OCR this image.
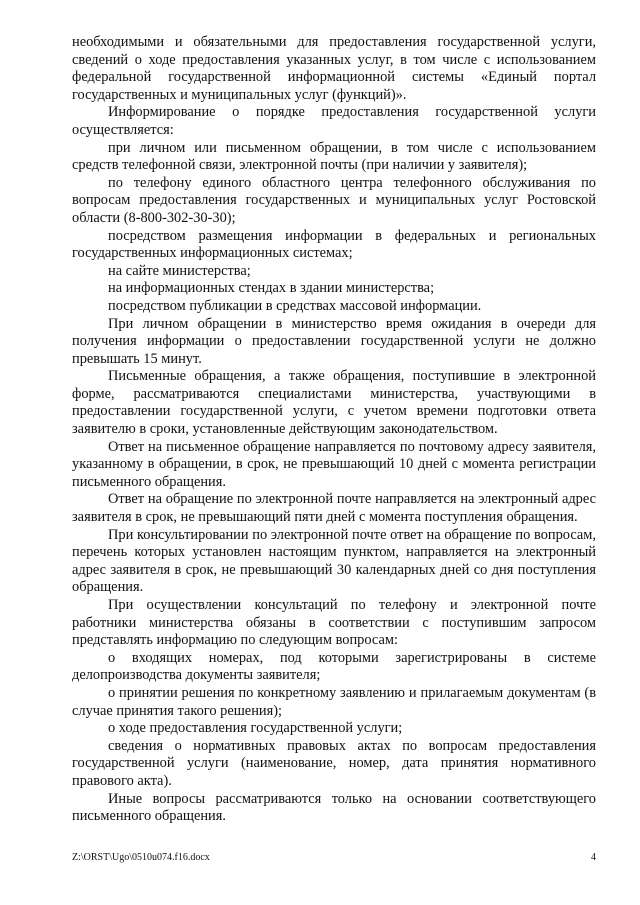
необходимыми и обязательными для предоставления государственной услуги, сведений о ходе предоставления указанных услуг, в том числе с использованием федеральной государственной информационной системы «Единый портал государственных и муниципальных услуг (функций)».

Информирование о порядке предоставления государственной услуги осуществляется:

при личном или письменном обращении, в том числе с использованием средств телефонной связи, электронной почты (при наличии у заявителя);

по телефону единого областного центра телефонного обслуживания по вопросам предоставления государственных и муниципальных услуг Ростовской области (8-800-302-30-30);

посредством размещения информации в федеральных и региональных государственных информационных системах;

на сайте министерства;

на информационных стендах в здании министерства;

посредством публикации в средствах массовой информации.

При личном обращении в министерство время ожидания в очереди для получения информации о предоставлении государственной услуги не должно превышать 15 минут.

Письменные обращения, а также обращения, поступившие в электронной форме, рассматриваются специалистами министерства, участвующими в предоставлении государственной услуги, с учетом времени подготовки ответа заявителю в сроки, установленные действующим законодательством.

Ответ на письменное обращение направляется по почтовому адресу заявителя, указанному в обращении, в срок, не превышающий 10 дней с момента регистрации письменного обращения.

Ответ на обращение по электронной почте направляется на электронный адрес заявителя в срок, не превышающий пяти дней с момента поступления обращения.

При консультировании по электронной почте ответ на обращение по вопросам, перечень которых установлен настоящим пунктом, направляется на электронный адрес заявителя в срок, не превышающий 30 календарных дней со дня поступления обращения.

При осуществлении консультаций по телефону и электронной почте работники министерства обязаны в соответствии с поступившим запросом представлять информацию по следующим вопросам:

о входящих номерах, под которыми зарегистрированы в системе делопроизводства документы заявителя;

о принятии решения по конкретному заявлению и прилагаемым документам (в случае принятия такого решения);

о ходе предоставления государственной услуги;

сведения о нормативных правовых актах по вопросам предоставления государственной услуги (наименование, номер, дата принятия нормативного правового акта).

Иные вопросы рассматриваются только на основании соответствующего письменного обращения.

Z:\ORST\Ugo\0510u074.f16.docx	4
